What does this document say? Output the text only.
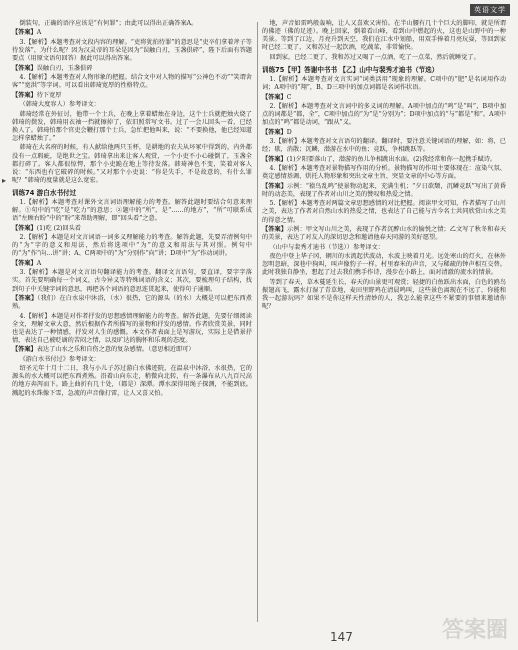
英语文学
▸

倒装句，正确的语序应该是“有何罪”；由此可以得出正确答案A。

【答案】A

3.【解析】本题考查对文段内容的理解。“吏将犹拍待罪”的意思是“吏卒们拿着斧子等待发落”，为什么呢？因为汉灵帝的耳朵是因为“误触白刃，玉盏俱碎”，陛下后面有答题要点（用原文语句回答）据此可以得出答案。

【答案】误触白刃，玉盏俱碎

4.【解析】本题考查对人物形象的把握。结合文中对人物的描写“公神色不动”“笑谓舍客”“宽洪”等字词。可以看出韩琦宽厚的性格特点。

【答案】待下宽厚

（韩琦大度容人）参考译文：

韩琦经常在外征讨，他带一个士兵，在晚上拿着蜡烛在身边，这个士兵就把烛火烧了韩琦的鬓发，韩琦用衣袖一挡就擦掉了，依旧照常写文书。过了一会儿回头一看，已经换人了。韩琦怕那个官吏会鞭打那个士兵，急忙把他叫来，说：“不要换他，他已经知道怎样拿蜡烛了。”

韩琦在大名府的时候，有人献给他两只玉杯，是耕地的农夫从坏冢中得到的，内外都没有一点瑕疵，是绝世之宝。韩琦拿出来让客人观赏，一个小吏不小心碰倒了，玉盏全都打碎了。客人都很惊愕，那个小吏跪在地上等待发落。韩琦神色不变，笑着对客人说：“东西也有它破碎的时候。”又对那个小吏说：“你是失手，不是故意的，有什么罪呢？”韩琦的度量就是这么宽宏。

训练74 游白水书付过

1.【解析】本题考查对课外文言词语理解能力的考查。解答此题时要结合句意来理解。①句中的“吃”是“吃力”的意思；②题中的“所”，是“……的地方”，“所”可联系成语“左顾右盼”中的“盼”来帮助理解，即“回头看”之意。

【答案】(1)吃 (2)回头看

2.【解析】本题是对文言词语一词多义理解能力的考查。解答此题，先要弄清例句中的“为”字的意义和用法，然后将选项中“为”的意义和用法与其对照。例句中的“为”作“向…讲”讲；A、C两项中的“为”分别作“向”讲；D项中“为”作动词讲。

【答案】A

3.【解析】本题是对文言语句翻译能力的考查。翻译文言语句，要直译，要字字落实。首先要明确每一个词义，古今异义等特殊词语的含义；其次，要梳理句子结构，找到句子中关键字词的意思，再把各个词语的意思连贯起来，使得句子通顺。

【答案】（我们）在白水泉中沐浴，（水）很热，它的源头（的水）大概是可以把东西煮熟。

4.【解析】本题是对作者抒发的思想感情理解能力的考查。解答此题，先要仔细阅读全文，理解文章大意，然后根据作者所描写的景物和抒发的感情。作者欣赏美景，同时也是表达了一种情感，抒发对人生的感慨。本文作者表面上是写游玩，实际上是借景抒情，表达自己被贬谪的苦闷之情，以及旷达的胸怀和乐观的态度。

【答案】表达了山水之乐和自伤之意的复杂感情。（意思相近即可）

《游白水书付过》参考译文：

绍圣元年十月十二日，我与小儿子苏过游白水佛迹院，在温泉中沐浴，水很热，它的源头的水大概可以把东西煮熟。沿着山向东走，稍微向北转，有一条瀑布从八九百尺高的地方奔泻而下。路上曲折有几十处，（都是）深潭。潭水深得用绳子探测，不能到底。溅起的水珠像下雪，急流的声音像打雷，让人又喜又怕。

地，声音如雷鸣般轰响，让人又喜欢又害怕。在半山腰有几十个巨大的脚印，就是所谓的佛迹（佛的足迹）。晚上回家，倒着看山峰，看到山中燃起的火，这也是山野中的一种美景。等到了江边，月亮升到天空，我们在江水中划船，用双手捧着月亮玩耍，等回到家时已经二更了，又和苏过一起饮酒，吃蔬菜，非常愉快。

回到家，已经二更了，我和苏过又喝了一点酒，吃了一点菜，然后就睡觉了。

训练75【甲】答谢中书书 【乙】山中与裴秀才迪书（节选）

1.【解析】本题考查对文言实词“词类活用”现象的理解。C项中的“肥”是名词用作动词；A项中的“翔”，B、D三项中的加点词都是名词作状语。

【答案】C

2.【解析】本题考查对文言词中的多义词的理解。A项中加点的“鸣”是“叫”，B项中加点的词都是“都，全”，C项中加点的“为”是“分别为”；D项中加点的“与”都是“和”。A项中加点的“鸣”都是动词，“跟从”义。

【答案】D

3.【解析】本题考查对文言语句的翻译。翻译时，要注意关键词语的理解，如：将，已经；歇，消散；沉鳞，潜游在水中的鱼；竞跃，争相跳跃等。

【答案】(1)夕阳要落山了，潜游的鱼儿争相跳出水面。(2)我经常和你一起携手赋诗。

4.【解析】本题考查对景物描写作用的分析。景物描写的作用主要体现在：渲染气氛、奠定感情基调、烘托人物形象和突出文章主旨、突显文章的中心等方面。

【答案】示例：“猿鸟乱鸣”使景物动起来，充满生机；“夕日欲颓，沉鳞竞跃”写出了黄昏时的动态美，表现了作者对山川之美的赞叹和热爱之情。

5.【解析】本题考查对两篇文章思想感情的对比把握。阅读甲文可知，作者描写了山川之美，表达了作者对自然山水的热爱之情，也表达了自己能与古今名士共同欣赏山水之美的得意之情。

【答案】示例：甲文写山川之美，表现了作者沉醉山水的愉悦之情；乙文写了秋冬和春天的美景，表达了对友人的深切思念和邀请他春天同游的美好愿望。

（山中与裴秀才迪书（节选））参考译文：

夜色中登上华子冈，辋川的水流起伏波动，水波上映着月光。远处寒山的灯火，在林外忽明忽暗，深巷中狗叫，叫声像豹子一样。村里舂米的声音，又与稀疏的钟声相互交替。此时我独自静坐，想起了过去我们携手作诗，漫步在小路上，面对清澈的流水的情景。

等到了春天，草木蔓延生长，春天的山景更可观赏；轻捷的白鱼跃出水面，白色的鸥鸟振翅高飞，露水打湿了青草地，麦田里野鸡在清晨鸣叫，这些景色离现在不远了，你能和我一起游玩吗？如果不是你这样天性清妙的人，我怎么能拿这些不紧要的事情来邀请你呢？

147	答案圈
